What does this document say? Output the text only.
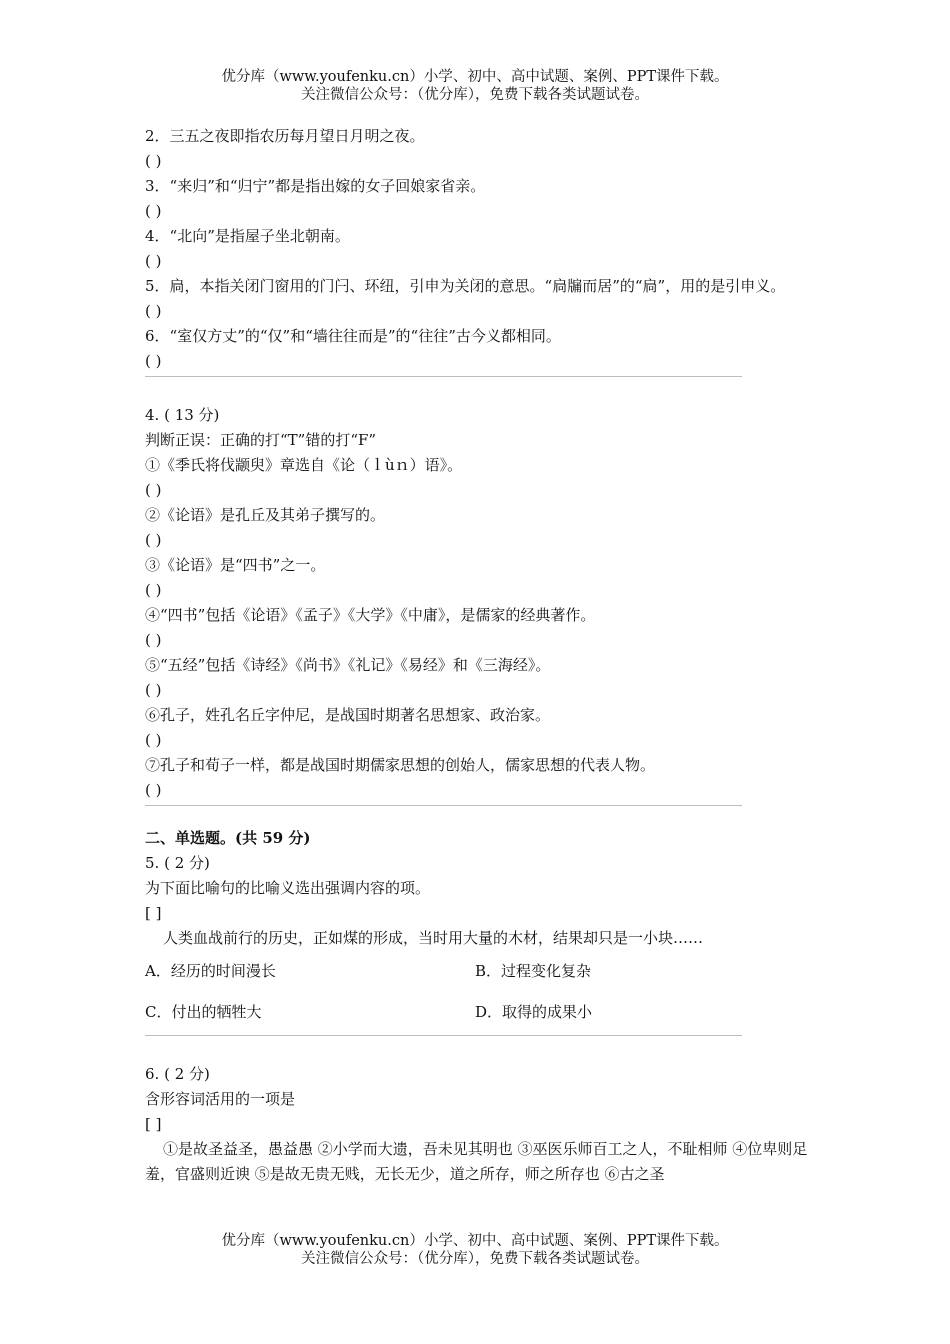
优分库（www.youfenku.cn）小学、初中、高中试题、案例、PPT课件下载。
关注微信公众号：（优分库），免费下载各类试题试卷。
2．三五之夜即指农历每月望日月明之夜。
( )
3．“来归”和“归宁”都是指出嫁的女子回娘家省亲。
( )
4．“北向”是指屋子坐北朝南。
( )
5．扃，本指关闭门窗用的门闩、环纽，引申为关闭的意思。“扃牖而居”的“扃”，用的是引申义。
( )
6．“室仅方丈”的“仅”和“墙往往而是”的“往往”古今义都相同。
( )
4. ( 13 分)
判断正误：正确的打“T”错的打“F”
①《季氏将伐颛臾》章选自《论（ｌùｎ）语》。
( )
②《论语》是孔丘及其弟子撰写的。
( )
③《论语》是“四书”之一。
( )
④“四书”包括《论语》《孟子》《大学》《中庸》，是儒家的经典著作。
( )
⑤“五经”包括《诗经》《尚书》《礼记》《易经》和《三海经》。
( )
⑥孔子，姓孔名丘字仲尼，是战国时期著名思想家、政治家。
( )
⑦孔子和荀子一样，都是战国时期儒家思想的创始人，儒家思想的代表人物。
( )
二、单选题。(共 59 分)
5. ( 2 分)
为下面比喻句的比喻义选出强调内容的项。
[ ]
人类血战前行的历史，正如煤的形成，当时用大量的木材，结果却只是一小块……
A．经历的时间漫长	B．过程变化复杂
C．付出的牺牲大	D．取得的成果小
6. ( 2 分)
含形容词活用的一项是
[ ]
①是故圣益圣，愚益愚 ②小学而大遗，吾未见其明也 ③巫医乐师百工之人，不耻相师 ④位卑则足羞，官盛则近谀 ⑤是故无贵无贱，无长无少，道之所存，师之所存也 ⑥古之圣
优分库（www.youfenku.cn）小学、初中、高中试题、案例、PPT课件下载。
关注微信公众号：（优分库），免费下载各类试题试卷。
